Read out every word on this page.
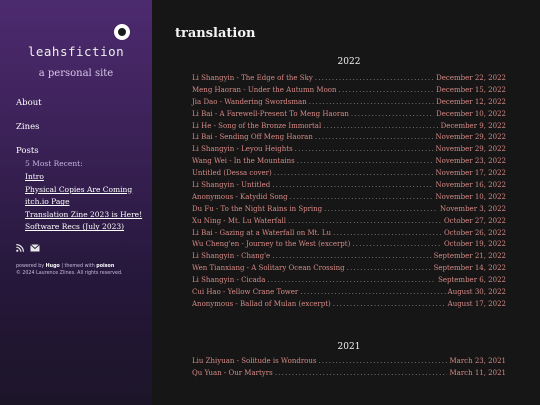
leahsfiction
a personal site
About
Zines
Posts
5 Most Recent:
Intro
Physical Copies Are Coming
itch.io Page
Translation Zine 2023 is Here!
Software Recs (July 2023)
powered by Hugo | themed with poison
© 2024 Laurence Zlines. All rights reserved.
translation
2022
Li Shangyin - The Edge of the Sky .....	December 22, 2022
Meng Haoran - Under the Autumn Moon .....	December 15, 2022
Jia Dao - Wandering Swordsman .....	December 12, 2022
Li Bai - A Farewell-Present To Meng Haoran .....	December 10, 2022
Li He - Song of the Bronze Immortal .....	December 9, 2022
Li Bai - Sending Off Meng Haoran .....	November 29, 2022
Li Shangyin - Leyou Heights .....	November 29, 2022
Wang Wei - In the Mountains .....	November 23, 2022
Untitled (Dessa cover) .....	November 17, 2022
Li Shangyin - Untitled .....	November 16, 2022
Anonymous - Katydid Song .....	November 10, 2022
Du Fu - To the Night Rains in Spring .....	November 3, 2022
Xu Ning - Mt. Lu Waterfall .....	October 27, 2022
Li Bai - Gazing at a Waterfall on Mt. Lu .....	October 26, 2022
Wu Cheng'en - Journey to the West (excerpt) .....	October 19, 2022
Li Shangyin - Chang'e .....	September 21, 2022
Wen Tianxiang - A Solitary Ocean Crossing .....	September 14, 2022
Li Shangyin - Cicada .....	September 6, 2022
Cui Hao - Yellow Crane Tower .....	August 30, 2022
Anonymous - Ballad of Mulan (excerpt) .....	August 17, 2022
2021
Liu Zhiyuan - Solitude is Wondrous .....	March 23, 2021
Qu Yuan - Our Martyrs .....	March 11, 2021
